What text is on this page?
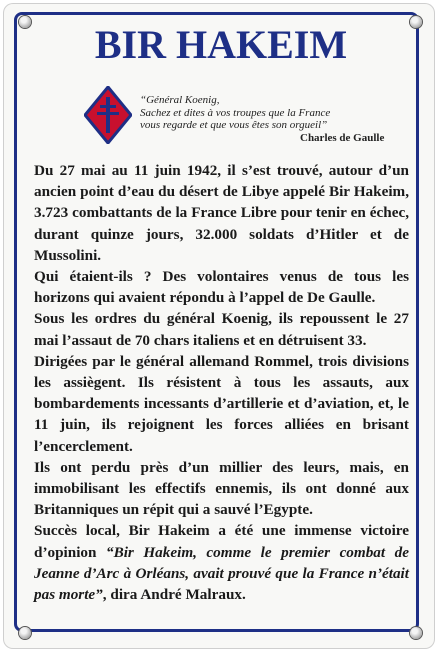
BIR HAKEIM
“Général Koenig,
Sachez et dites à vos troupes que la France
vous regarde et que vous êtes son orgueil”
Charles de Gaulle

Du 27 mai au 11 juin 1942, il s’est trouvé, autour d’un ancien point d’eau du désert de Libye appelé Bir Hakeim, 3.723 combattants de la France Libre pour tenir en échec, durant quinze jours, 32.000 soldats d’Hitler et de Mussolini.

Qui étaient-ils ? Des volontaires venus de tous les horizons qui avaient répondu à l’appel de De Gaulle.

Sous les ordres du général Koenig, ils repoussent le 27 mai l’assaut de 70 chars italiens et en détruisent 33.

Dirigées par le général allemand Rommel, trois divisions les assiègent. Ils résistent à tous les assauts, aux bombardements incessants d’artillerie et d’aviation, et, le 11 juin, ils rejoignent les forces alliées en brisant l’encerclement.

Ils ont perdu près d’un millier des leurs, mais, en immobilisant les effectifs ennemis, ils ont donné aux Britanniques un répit qui a sauvé l’Egypte.

Succès local, Bir Hakeim a été une immense victoire d’opinion “Bir Hakeim, comme le premier combat de Jeanne d’Arc à Orléans, avait prouvé que la France n’était pas morte”, dira André Malraux.
